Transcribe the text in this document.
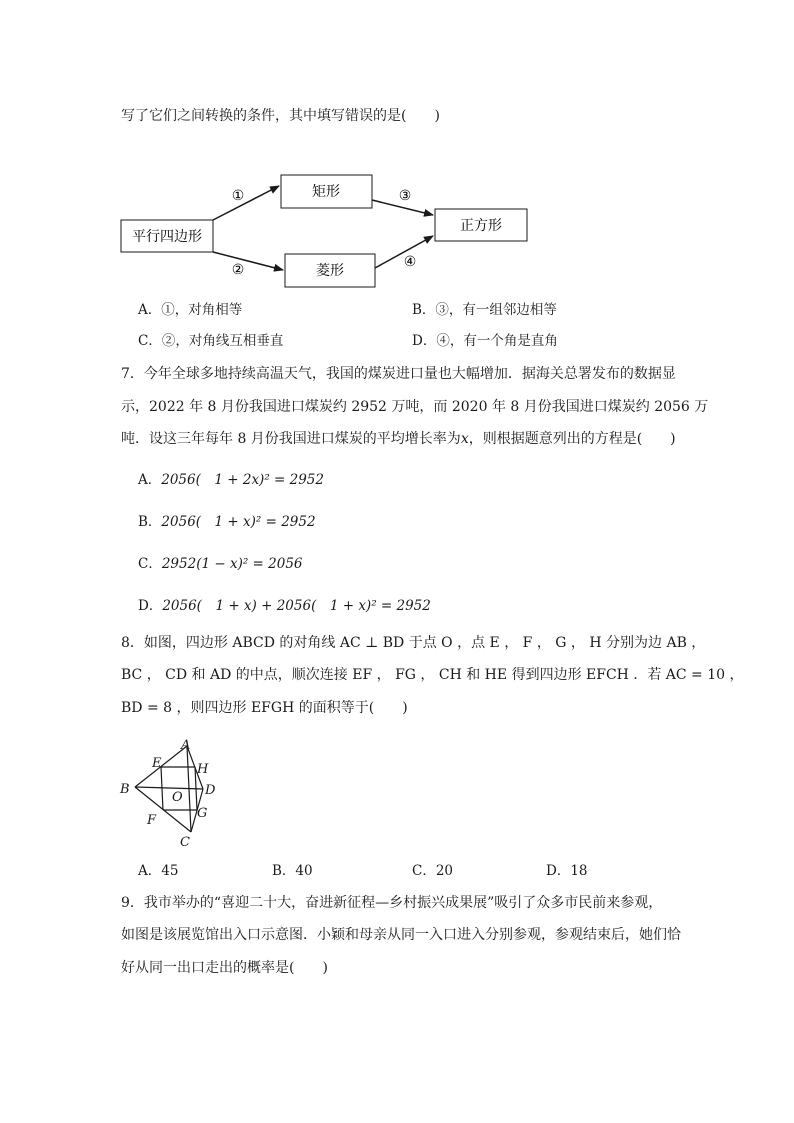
写了它们之间转换的条件，其中填写错误的是(　　)
平行四边形
矩形
菱形
正方形
①
②
③
④
A．①，对角相等	B．③，有一组邻边相等
C．②，对角线互相垂直	D．④，有一个角是直角
7．今年全球多地持续高温天气，我国的煤炭进口量也大幅增加．据海关总署发布的数据显
示，2022 年 8 月份我国进口煤炭约 2952 万吨，而 2020 年 8 月份我国进口煤炭约 2056 万
吨．设这三年每年 8 月份我国进口煤炭的平均增长率为x，则根据题意列出的方程是(　　)
A．2056(　1 + 2x)² = 2952
B．2056(　1 + x)² = 2952
C．2952(1 − x)² = 2056
D．2056(　1 + x) + 2056(　1 + x)² = 2952
8．如图，四边形 ABCD 的对角线 AC ⊥ BD 于点 O ，点 E ， F ， G ， H 分别为边 AB ，
BC ， CD 和 AD 的中点，顺次连接 EF ， FG ， CH 和 HE 得到四边形 EFCH ．若 AC = 10 ，
BD = 8 ，则四边形 EFGH 的面积等于(　　)
A
B
C
D
E
F	G
H
O
A．45	B．40	C．20	D．18
9．我市举办的“喜迎二十大，奋进新征程—乡村振兴成果展”吸引了众多市民前来参观，
如图是该展览馆出入口示意图．小颖和母亲从同一入口进入分别参观，参观结束后，她们恰
好从同一出口走出的概率是(　　)
